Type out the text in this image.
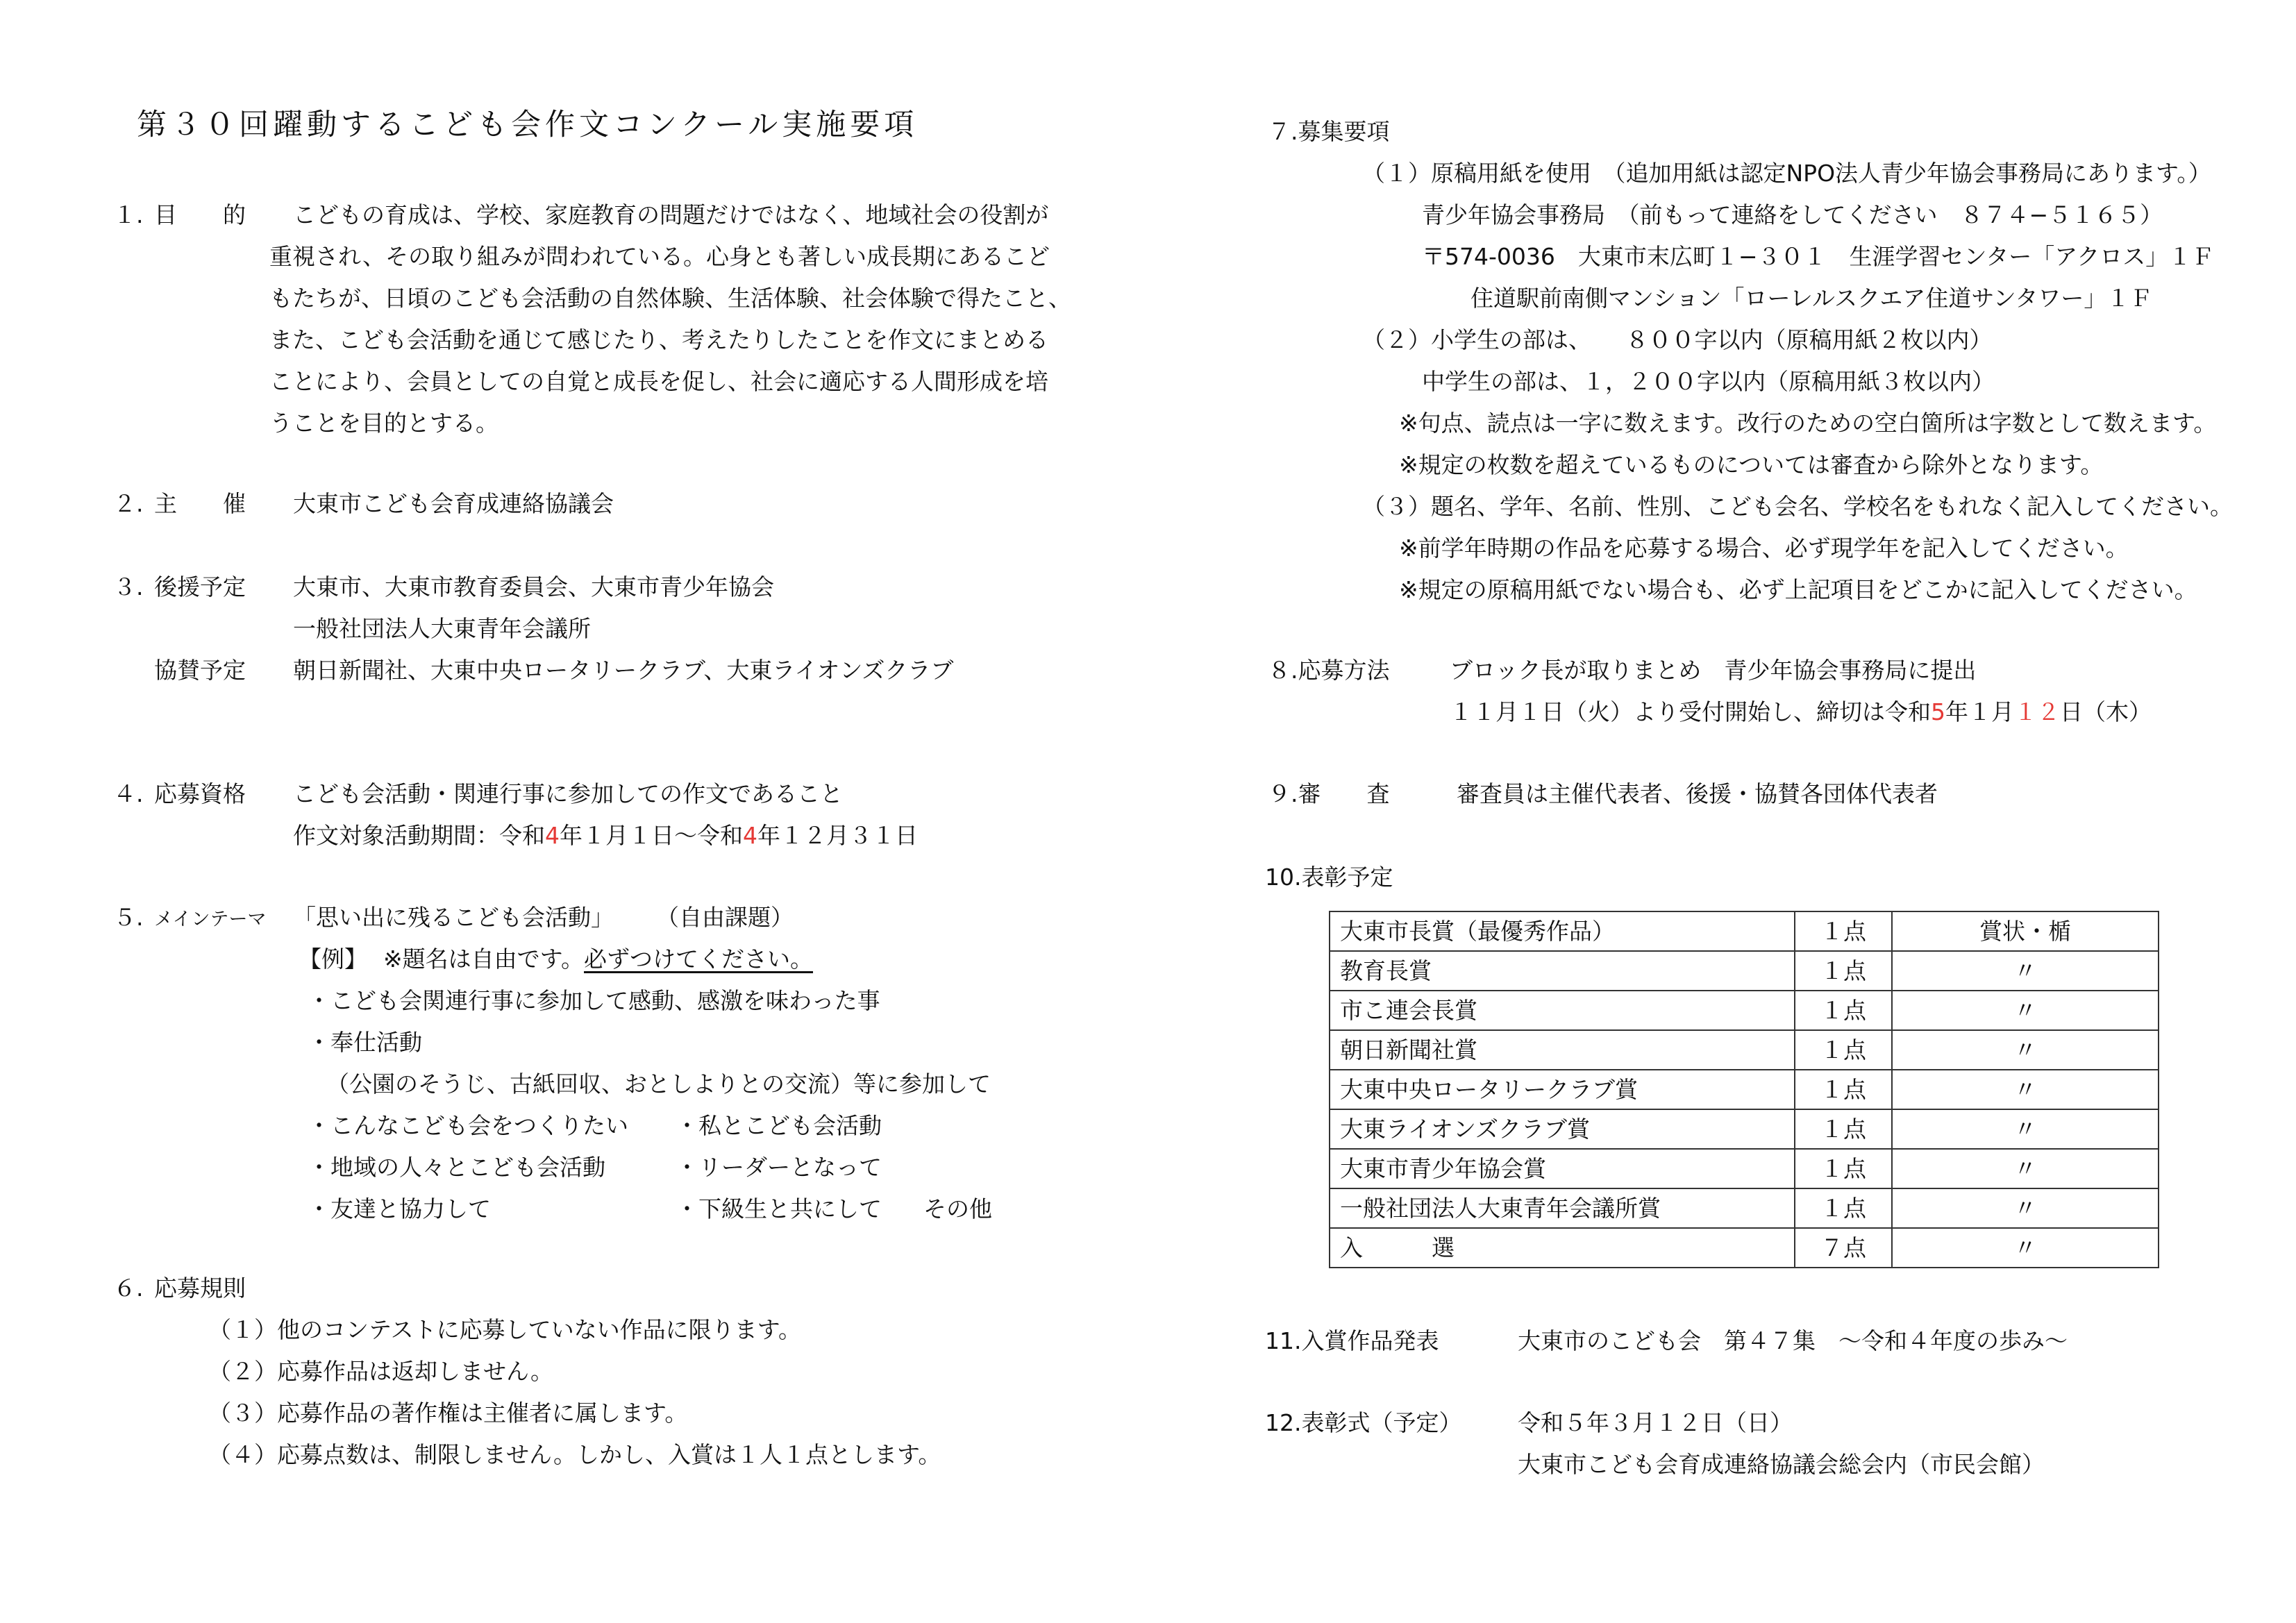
第３０回躍動するこども会作文コンクール実施要項
１. 目　　的 こどもの育成は、学校、家庭教育の問題だけではなく、地域社会の役割が
重視され、その取り組みが問われている。心身とも著しい成長期にあるこど
もたちが、日頃のこども会活動の自然体験、生活体験、社会体験で得たこと、
また、こども会活動を通じて感じたり、考えたりしたことを作文にまとめる
ことにより、会員としての自覚と成長を促し、社会に適応する人間形成を培
うことを目的とする。
２. 主　　催 大東市こども会育成連絡協議会
３. 後援予定 大東市、大東市教育委員会、大東市青少年協会
一般社団法人大東青年会議所
協賛予定 朝日新聞社、大東中央ロータリークラブ、大東ライオンズクラブ
４. 応募資格 こども会活動・関連行事に参加しての作文であること
作文対象活動期間：令和4年１月１日～令和4年１２月３１日
５. メインテーマ 「思い出に残るこども会活動」 （自由課題）
【例】 ※題名は自由です。必ずつけてください。
・こども会関連行事に参加して感動、感激を味わった事
・奉仕活動
（公園のそうじ、古紙回収、おとしよりとの交流）等に参加して
・こんなこども会をつくりたい ・私とこども会活動
・地域の人々とこども会活動	・リーダーとなって
・友達と協力して	・下級生と共にして その他
６. 応募規則
（１）他のコンテストに応募していない作品に限ります。
（２）応募作品は返却しません。
（３）応募作品の著作権は主催者に属します。
（４）応募点数は、制限しません。しかし、入賞は１人１点とします。
７.募集要項
（１）原稿用紙を使用　（追加用紙は認定NPO法人青少年協会事務局にあります。）
青少年協会事務局　（前もって連絡をしてください　８７４−５１６５）
〒574-0036　大東市末広町１−３０１　生涯学習センター「アクロス」１Ｆ
住道駅前南側マンション「ローレルスクエア住道サンタワー」１Ｆ
（２）小学生の部は、　　８００字以内（原稿用紙２枚以内）
中学生の部は、１，２００字以内（原稿用紙３枚以内）
※句点、読点は一字に数えます。改行のための空白箇所は字数として数えます。
※規定の枚数を超えているものについては審査から除外となります。
（３）題名、学年、名前、性別、こども会名、学校名をもれなく記入してください。
※前学年時期の作品を応募する場合、必ず現学年を記入してください。
※規定の原稿用紙でない場合も、必ず上記項目をどこかに記入してください。
８.応募方法	ブロック長が取りまとめ　青少年協会事務局に提出
１１月１日（火）より受付開始し、締切は令和5年１月１２日（木）
９.審　　査	審査員は主催代表者、後援・協賛各団体代表者
10.表彰予定
大東市長賞（最優秀作品）	１点	賞状・楯
教育長賞	１点	〃
市こ連会長賞	１点	〃
朝日新聞社賞	１点	〃
大東中央ロータリークラブ賞	１点	〃
大東ライオンズクラブ賞	１点	〃
大東市青少年協会賞	１点	〃
一般社団法人大東青年会議所賞	１点	〃
入　　　選	７点	〃
11.入賞作品発表	大東市のこども会　第４７集　～令和４年度の歩み～
12.表彰式（予定） 令和５年３月１２日（日）
大東市こども会育成連絡協議会総会内（市民会館）
